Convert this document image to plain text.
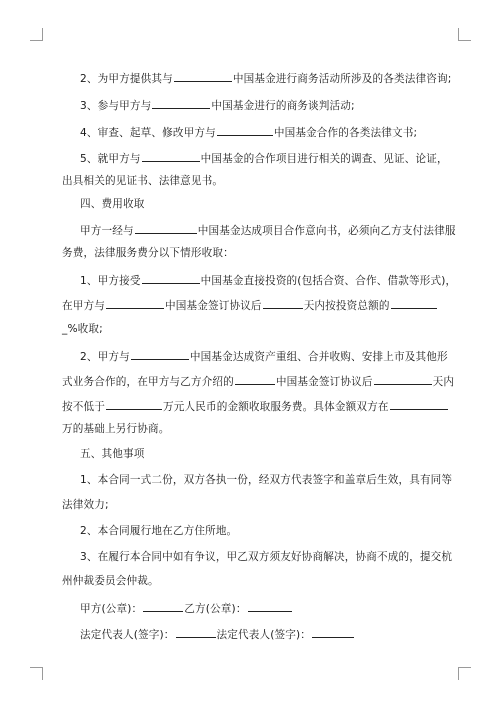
2、为甲方提供其与	中国基金进行商务活动所涉及的各类法律咨询;
3、参与甲方与	中国基金进行的商务谈判活动;
4、审查、起草、修改甲方与	中国基金合作的各类法律文书;
5、就甲方与	中国基金的合作项目进行相关的调查、见证、论证，
出具相关的见证书、法律意见书。
四、费用收取
甲方一经与	中国基金达成项目合作意向书，必须向乙方支付法律服
务费，法律服务费分以下情形收取：
1、甲方接受	中国基金直接投资的(包括合资、合作、借款等形式)，
在甲方与	中国基金签订协议后	天内按投资总额的
_%收取;
2、甲方与	中国基金达成资产重组、合并收购、安排上市及其他形
式业务合作的，在甲方与乙方介绍的	中国基金签订协议后	天内
按不低于	万元人民币的金额收取服务费。具体金额双方在
万的基础上另行协商。
五、其他事项
1、本合同一式二份，双方各执一份，经双方代表签字和盖章后生效，具有同等
法律效力;
2、本合同履行地在乙方住所地。
3、在履行本合同中如有争议，甲乙双方须友好协商解决，协商不成的，提交杭
州仲裁委员会仲裁。
甲方(公章)：	乙方(公章)：
法定代表人(签字)：	法定代表人(签字)：
